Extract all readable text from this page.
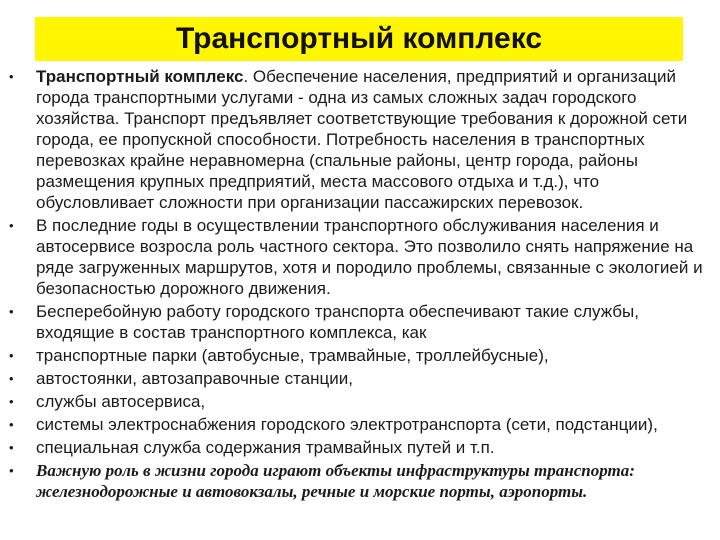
Транспортный комплекс
• Транспортный комплекс. Обеспечение населения, предприятий и организаций города транспортными услугами - одна из самых сложных задач городского хозяйства. Транспорт предъявляет соответствующие требования к дорожной сети города, ее пропускной способности. Потребность населения в транспортных перевозках крайне неравномерна (спальные районы, центр города, районы размещения крупных предприятий, места массового отдыха и т.д.), что обусловливает сложности при организации пассажирских перевозок.
• В последние годы в осуществлении транспортного обслуживания населения и автосервисе возросла роль частного сектора. Это позволило снять напряжение на ряде загруженных маршрутов, хотя и породило проблемы, связанные с экологией и безопасностью дорожного движения.
• Бесперебойную работу городского транспорта обеспечивают такие службы, входящие в состав транспортного комплекса, как
• транспортные парки (автобусные, трамвайные, троллейбусные),
• автостоянки, автозаправочные станции,
• службы автосервиса,
• системы электроснабжения городского электротранспорта (сети, подстанции),
• специальная служба содержания трамвайных путей и т.п.
• Важную роль в жизни города играют объекты инфраструктуры транспорта: железнодорожные и автовокзалы, речные и морские порты, аэропорты.
